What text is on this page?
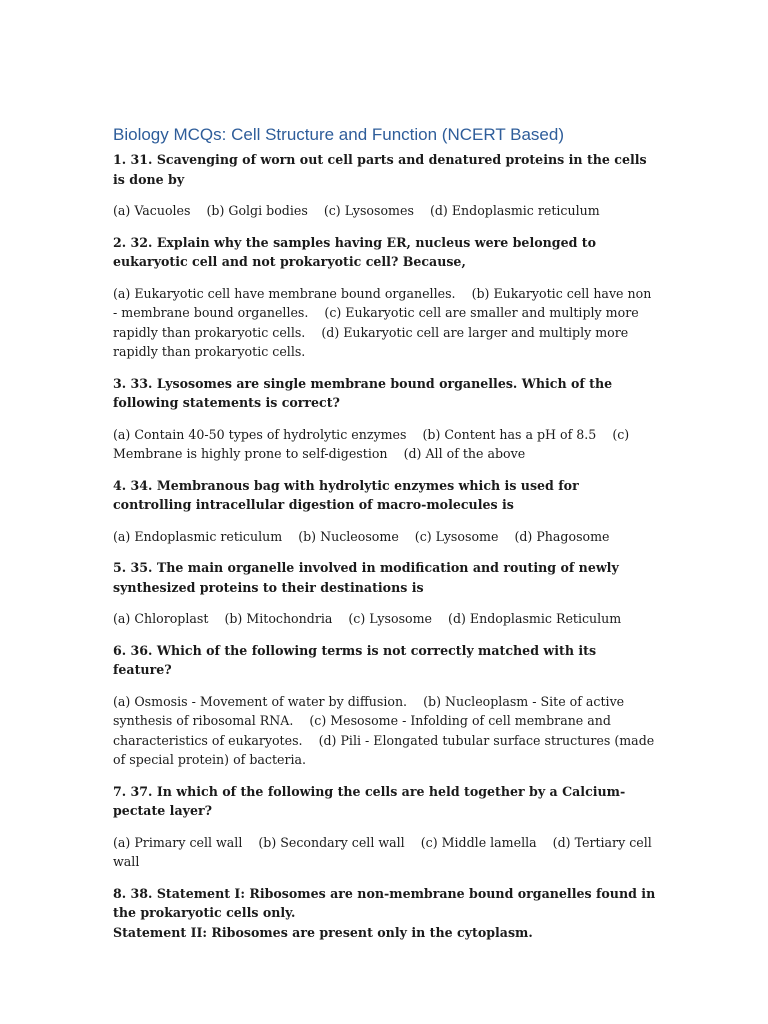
Biology MCQs: Cell Structure and Function (NCERT Based)
1. 31. Scavenging of worn out cell parts and denatured proteins in the cells is done by
(a) Vacuoles (b) Golgi bodies (c) Lysosomes (d) Endoplasmic reticulum
2. 32. Explain why the samples having ER, nucleus were belonged to eukaryotic cell and not prokaryotic cell? Because,
(a) Eukaryotic cell have membrane bound organelles. (b) Eukaryotic cell have non - membrane bound organelles. (c) Eukaryotic cell are smaller and multiply more rapidly than prokaryotic cells. (d) Eukaryotic cell are larger and multiply more rapidly than prokaryotic cells.
3. 33. Lysosomes are single membrane bound organelles. Which of the following statements is correct?
(a) Contain 40-50 types of hydrolytic enzymes (b) Content has a pH of 8.5 (c) Membrane is highly prone to self-digestion (d) All of the above
4. 34. Membranous bag with hydrolytic enzymes which is used for controlling intracellular digestion of macro-molecules is
(a) Endoplasmic reticulum (b) Nucleosome (c) Lysosome (d) Phagosome
5. 35. The main organelle involved in modification and routing of newly synthesized proteins to their destinations is
(a) Chloroplast (b) Mitochondria (c) Lysosome (d) Endoplasmic Reticulum
6. 36. Which of the following terms is not correctly matched with its feature?
(a) Osmosis - Movement of water by diffusion. (b) Nucleoplasm - Site of active synthesis of ribosomal RNA. (c) Mesosome - Infolding of cell membrane and characteristics of eukaryotes. (d) Pili - Elongated tubular surface structures (made of special protein) of bacteria.
7. 37. In which of the following the cells are held together by a Calcium-pectate layer?
(a) Primary cell wall (b) Secondary cell wall (c) Middle lamella (d) Tertiary cell wall
8. 38. Statement I: Ribosomes are non-membrane bound organelles found in the prokaryotic cells only.
Statement II: Ribosomes are present only in the cytoplasm.
